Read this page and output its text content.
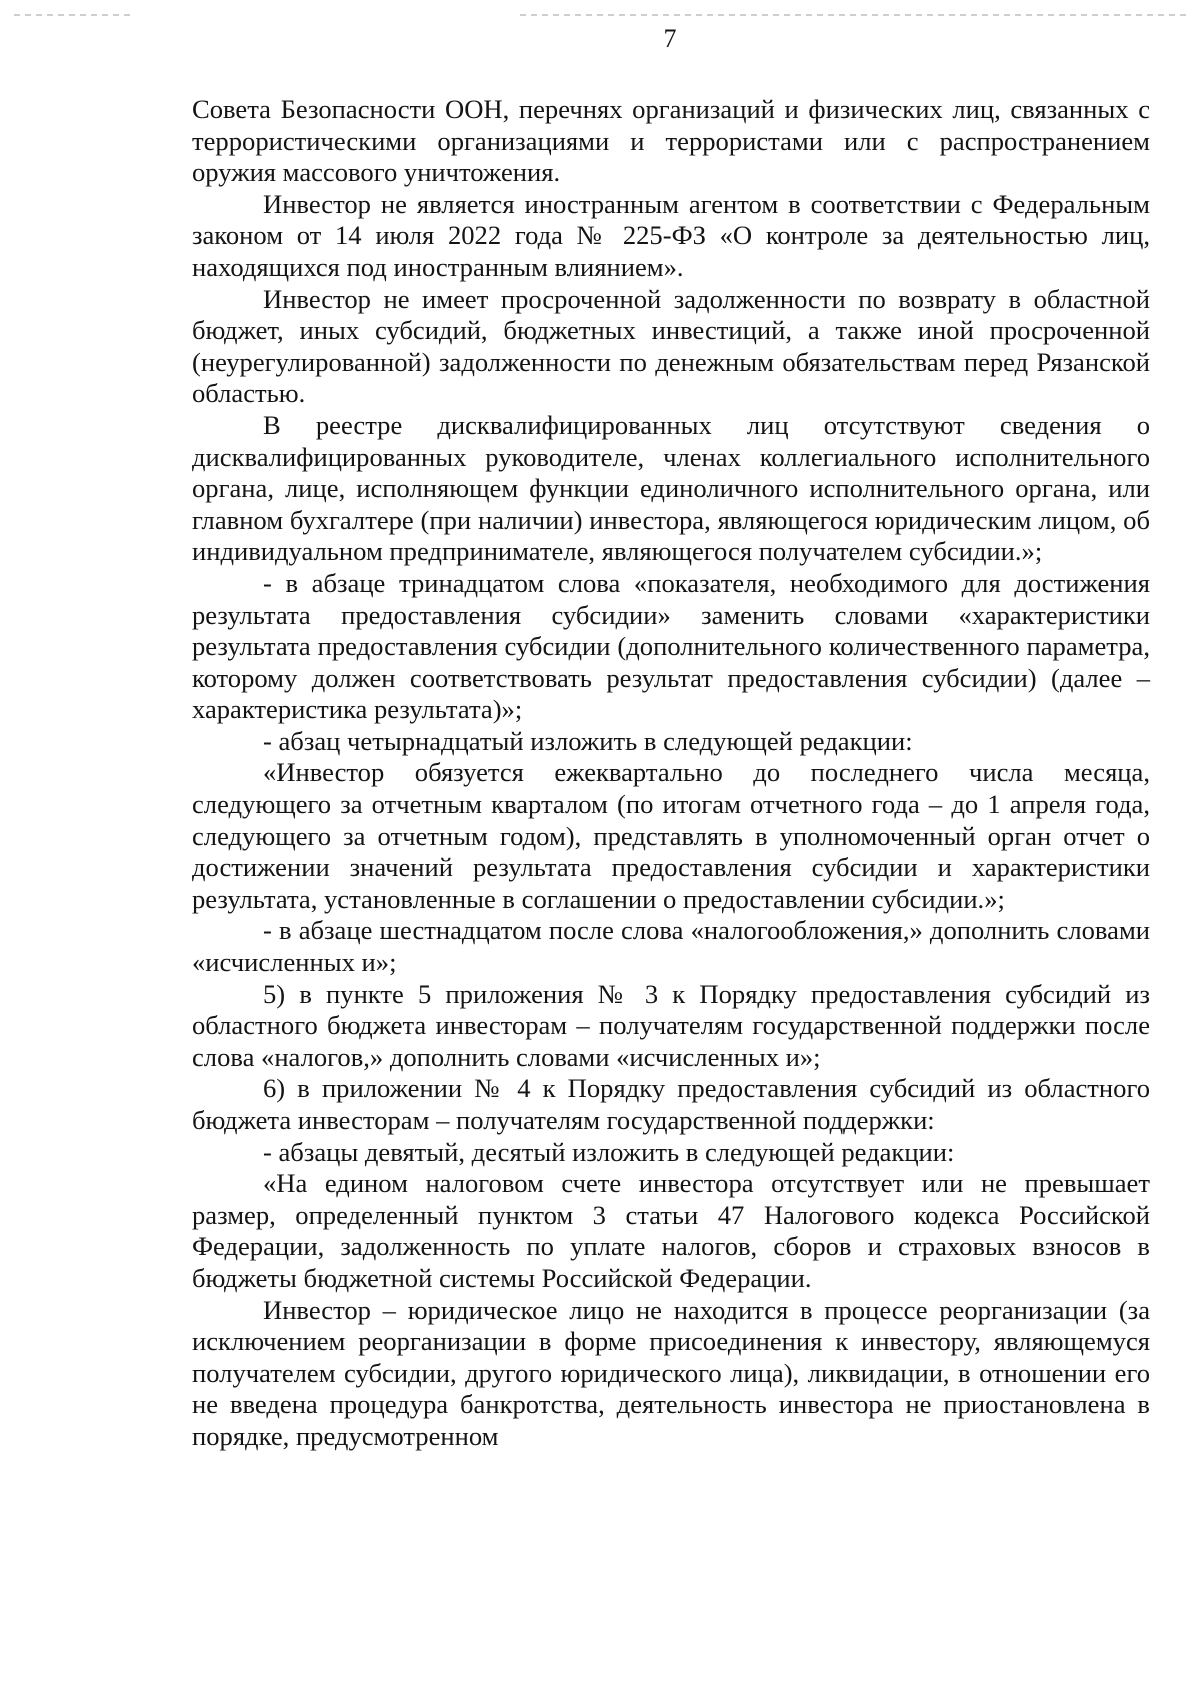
7

Совета Безопасности ООН, перечнях организаций и физических лиц, связанных с террористическими организациями и террористами или с распространением оружия массового уничтожения.

Инвестор не является иностранным агентом в соответствии с Федеральным законом от 14 июля 2022 года № 225-ФЗ «О контроле за деятельностью лиц, находящихся под иностранным влиянием».

Инвестор не имеет просроченной задолженности по возврату в областной бюджет, иных субсидий, бюджетных инвестиций, а также иной просроченной (неурегулированной) задолженности по денежным обязательствам перед Рязанской областью.

В реестре дисквалифицированных лиц отсутствуют сведения о дисквалифицированных руководителе, членах коллегиального исполнительного органа, лице, исполняющем функции единоличного исполнительного органа, или главном бухгалтере (при наличии) инвестора, являющегося юридическим лицом, об индивидуальном предпринимателе, являющегося получателем субсидии.»;

- в абзаце тринадцатом слова «показателя, необходимого для достижения результата предоставления субсидии» заменить словами «характеристики результата предоставления субсидии (дополнительного количественного параметра, которому должен соответствовать результат предоставления субсидии) (далее – характеристика результата)»;

- абзац четырнадцатый изложить в следующей редакции:

«Инвестор обязуется ежеквартально до последнего числа месяца, следующего за отчетным кварталом (по итогам отчетного года – до 1 апреля года, следующего за отчетным годом), представлять в уполномоченный орган отчет о достижении значений результата предоставления субсидии и характеристики результата, установленные в соглашении о предоставлении субсидии.»;

- в абзаце шестнадцатом после слова «налогообложения,» дополнить словами «исчисленных и»;

5) в пункте 5 приложения № 3 к Порядку предоставления субсидий из областного бюджета инвесторам – получателям государственной поддержки после слова «налогов,» дополнить словами «исчисленных и»;

6) в приложении № 4 к Порядку предоставления субсидий из областного бюджета инвесторам – получателям государственной поддержки:

- абзацы девятый, десятый изложить в следующей редакции:

«На едином налоговом счете инвестора отсутствует или не превышает размер, определенный пунктом 3 статьи 47 Налогового кодекса Российской Федерации, задолженность по уплате налогов, сборов и страховых взносов в бюджеты бюджетной системы Российской Федерации.

Инвестор – юридическое лицо не находится в процессе реорганизации (за исключением реорганизации в форме присоединения к инвестору, являющемуся получателем субсидии, другого юридического лица), ликвидации, в отношении его не введена процедура банкротства, деятельность инвестора не приостановлена в порядке, предусмотренном
